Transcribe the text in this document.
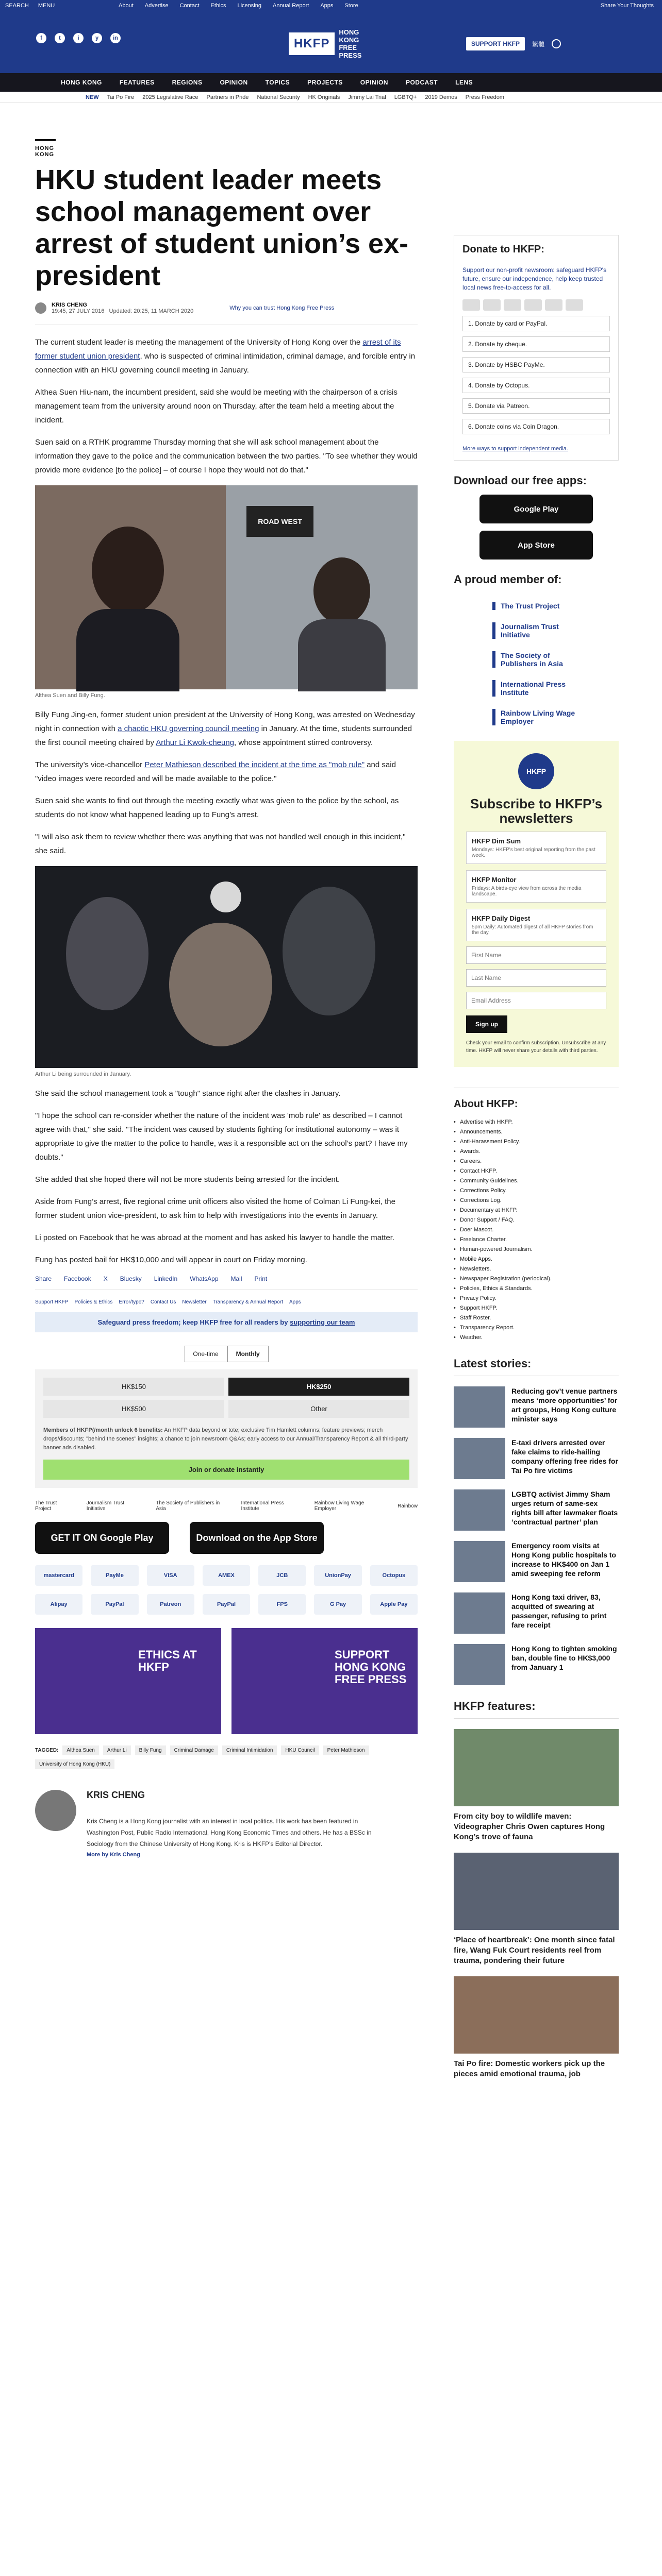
SEARCH MENU	About Advertise Contact Ethics Licensing Annual Report Apps Store	Share Your Thoughts
f	t	i	y	in	HKFP
HONG KONG
FREE PRESS
SUPPORT HKFP	繁體
HONG KONG	FEATURES	REGIONS	OPINION	TOPICS	PROJECTS	OPINION	PODCAST	LENS
NEW Tai Po Fire 2025 Legislative Race Partners in Pride National Security HK Originals Jimmy Lai Trial LGBTQ+ 2019 Demos Press Freedom
HONG KONG
HKU student leader meets school management over arrest of student union’s ex-president
KRIS CHENG
19:45, 27 JULY 2016 Updated: 20:25, 11 MARCH 2020	Why you can trust Hong Kong Free Press

The current student leader is meeting the management of the University of Hong Kong over the arrest of its former student union president, who is suspected of criminal intimidation, criminal damage, and forcible entry in connection with an HKU governing council meeting in January.

Althea Suen Hiu-nam, the incumbent president, said she would be meeting with the chairperson of a crisis management team from the university around noon on Thursday, after the team held a meeting about the incident.

Suen said on a RTHK programme Thursday morning that she will ask school management about the information they gave to the police and the communication between the two parties. "To see whether they would provide more evidence [to the police] – of course I hope they would not do that."

ROAD WEST
Althea Suen and Billy Fung.

Billy Fung Jing-en, former student union president at the University of Hong Kong, was arrested on Wednesday night in connection with a chaotic HKU governing council meeting in January. At the time, students surrounded the first council meeting chaired by Arthur Li Kwok-cheung, whose appointment stirred controversy.

The university’s vice-chancellor Peter Mathieson described the incident at the time as "mob rule" and said "video images were recorded and will be made available to the police."

Suen said she wants to find out through the meeting exactly what was given to the police by the school, as students do not know what happened leading up to Fung’s arrest.

"I will also ask them to review whether there was anything that was not handled well enough in this incident," she said.

Arthur Li being surrounded in January.

She said the school management took a "tough" stance right after the clashes in January.

"I hope the school can re-consider whether the nature of the incident was 'mob rule' as described – I cannot agree with that," she said. "The incident was caused by students fighting for institutional autonomy – was it appropriate to give the matter to the police to handle, was it a responsible act on the school’s part? I have my doubts."

She added that she hoped there will not be more students being arrested for the incident.

Aside from Fung’s arrest, five regional crime unit officers also visited the home of Colman Li Fung-kei, the former student union vice-president, to ask him to help with investigations into the events in January.

Li posted on Facebook that he was abroad at the moment and has asked his lawyer to handle the matter.

Fung has posted bail for HK$10,000 and will appear in court on Friday morning.

Share Facebook X Bluesky LinkedIn WhatsApp Mail Print
Support HKFP Policies & Ethics Error/typo? Contact Us Newsletter Transparency & Annual Report Apps
Safeguard press freedom; keep HKFP free for all readers by supporting our team
One-time	Monthly
HK$150	HK$250
HK$500	Other
Members of HKFP(/month unlock 6 benefits: An HKFP data beyond or tote; exclusive Tim Hamlett columns; feature previews; merch drops/discounts; "behind the scenes" insights; a chance to join newsroom Q&As; early access to our Annual/Transparency Report & all third-party banner ads disabled.
Join or donate instantly
The Trust Project
Journalism Trust Initiative
The Society of Publishers in Asia
International Press Institute
Rainbow Living Wage Employer	Rainbow
GET IT ON Google Play	Download on the App Store
mastercard	PayMe	VISA	AMEX	JCB	UnionPay	Octopus
Alipay	PayPal	Patreon	PayPal	FPS	G Pay	Apple Pay
ETHICS AT HKFP
SUPPORT HONG KONG FREE PRESS
TAGGED:	Althea Suen	Arthur Li	Billy Fung	Criminal Damage	Criminal Intimidation	HKU Council	Peter Mathieson
University of Hong Kong (HKU)
KRIS CHENG
Kris Cheng is a Hong Kong journalist with an interest in local politics. His work has been featured in Washington Post, Public Radio International, Hong Kong Economic Times and others. He has a BSSc in Sociology from the Chinese University of Hong Kong. Kris is HKFP's Editorial Director.
More by Kris Cheng
Donate to HKFP:
Support our non-profit newsroom: safeguard HKFP's future, ensure our independence, help keep trusted local news free-to-access for all.
1. Donate by card or PayPal.
2. Donate by cheque.
3. Donate by HSBC PayMe.
4. Donate by Octopus.
5. Donate via Patreon.
6. Donate coins via Coin Dragon.
More ways to support independent media.
Download our free apps:
Google Play
App Store
A proud member of:
The Trust Project
Journalism Trust Initiative
The Society of Publishers in Asia
International Press Institute
Rainbow Living Wage Employer
HKFP
Subscribe to HKFP’s newsletters
HKFP Dim Sum
Mondays: HKFP's best original reporting from the past week.
HKFP Monitor
Fridays: A birds-eye view from across the media landscape.
HKFP Daily Digest
5pm Daily: Automated digest of all HKFP stories from the day.
First Name Last Name Email Address
Sign up
Check your email to confirm subscription. Unsubscribe at any time. HKFP will never share your details with third parties.
About HKFP:
• Advertise with HKFP.
• Announcements.
• Anti-Harassment Policy.
• Awards.
• Careers.
• Contact HKFP.
• Community Guidelines.
• Corrections Policy.
• Corrections Log.
• Documentary at HKFP.
• Donor Support / FAQ.
• Doer Mascot.
• Freelance Charter.
• Human-powered Journalism.
• Mobile Apps.
• Newsletters.
• Newspaper Registration (periodical).
• Policies, Ethics & Standards.
• Privacy Policy.
• Support HKFP.
• Staff Roster.
• Transparency Report.
• Weather.
Latest stories:
Reducing gov’t venue partners means ‘more opportunities’ for art groups, Hong Kong culture minister says
E-taxi drivers arrested over fake claims to ride-hailing company offering free rides for Tai Po fire victims
LGBTQ activist Jimmy Sham urges return of same-sex rights bill after lawmaker floats ‘contractual partner’ plan
Emergency room visits at Hong Kong public hospitals to increase to HK$400 on Jan 1 amid sweeping fee reform
Hong Kong taxi driver, 83, acquitted of swearing at passenger, refusing to print fare receipt
Hong Kong to tighten smoking ban, double fine to HK$3,000 from January 1
HKFP features:
From city boy to wildlife maven: Videographer Chris Owen captures Hong Kong’s trove of fauna
‘Place of heartbreak’: One month since fatal fire, Wang Fuk Court residents reel from trauma, pondering their future
Tai Po fire: Domestic workers pick up the pieces amid emotional trauma, job
